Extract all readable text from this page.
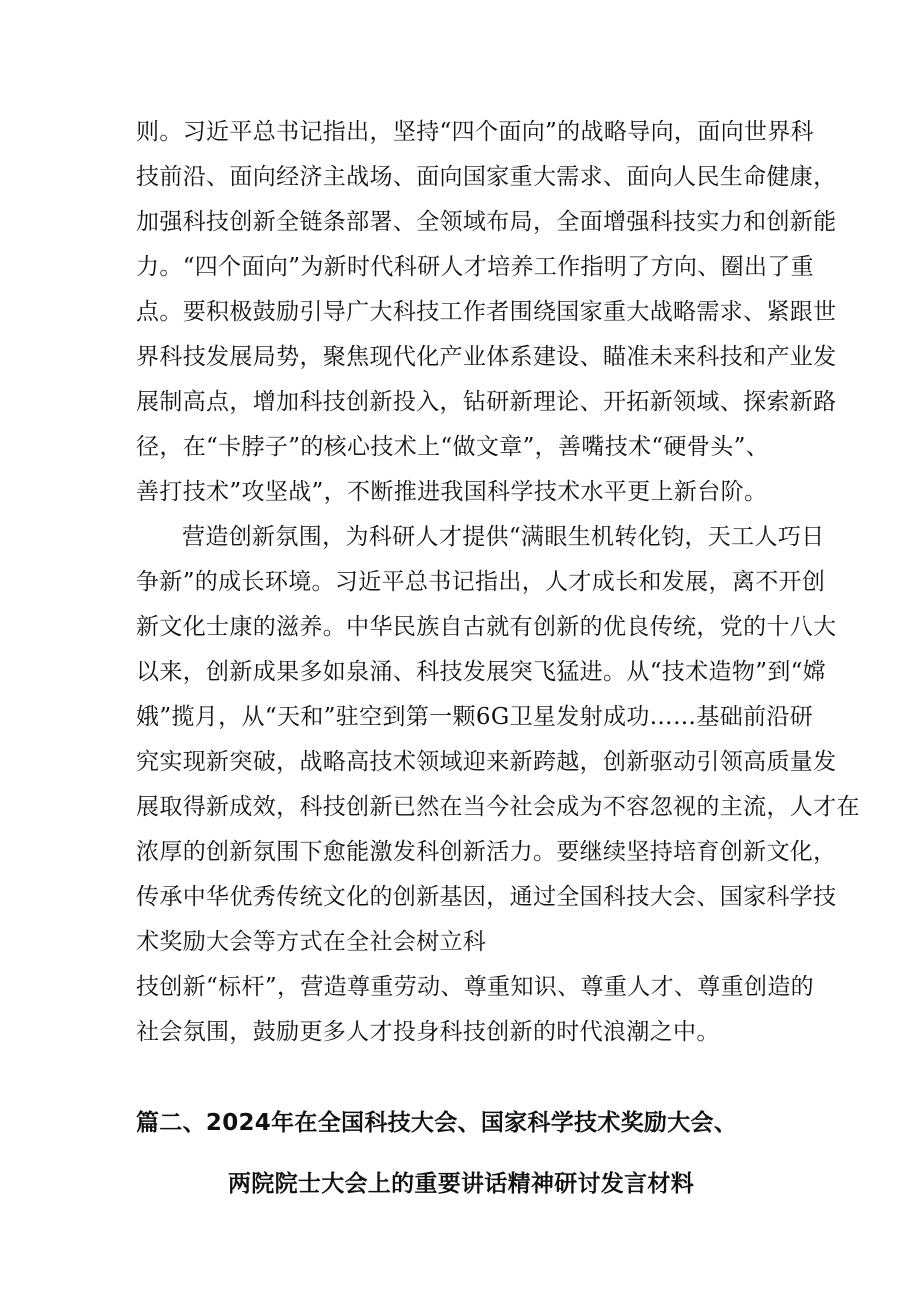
则。习近平总书记指出，坚持“四个面向”的战略导向，面向世界科
技前沿、面向经济主战场、面向国家重大需求、面向人民生命健康，
加强科技创新全链条部署、全领域布局，全面增强科技实力和创新能
力。“四个面向”为新时代科研人才培养工作指明了方向、圈出了重
点。要积极鼓励引导广大科技工作者围绕国家重大战略需求、紧跟世
界科技发展局势，聚焦现代化产业体系建设、瞄准未来科技和产业发
展制高点，增加科技创新投入，钻研新理论、开拓新领域、探索新路
径，在“卡脖子”的核心技术上“做文章”，善嘴技术“硬骨头”、
善打技术”攻坚战”，不断推进我国科学技术水平更上新台阶。
营造创新氛围，为科研人才提供“满眼生机转化钧，天工人巧日
争新”的成长环境。习近平总书记指出，人才成长和发展，离不开创
新文化士康的滋养。中华民族自古就有创新的优良传统，党的十八大
以来，创新成果多如泉涌、科技发展突飞猛进。从“技术造物”到“嫦
娥”揽月，从“天和”驻空到第一颗6G卫星发射成功……基础前沿研
究实现新突破，战略高技术领域迎来新跨越，创新驱动引领高质量发
展取得新成效，科技创新已然在当今社会成为不容忽视的主流，人才在
浓厚的创新氛围下愈能激发科创新活力。要继续坚持培育创新文化，
传承中华优秀传统文化的创新基因，通过全国科技大会、国家科学技
术奖励大会等方式在全社会树立科
技创新“标杆”，营造尊重劳动、尊重知识、尊重人才、尊重创造的
社会氛围，鼓励更多人才投身科技创新的时代浪潮之中。
篇二、2024年在全国科技大会、国家科学技术奖励大会、
两院院士大会上的重要讲话精神研讨发言材料
